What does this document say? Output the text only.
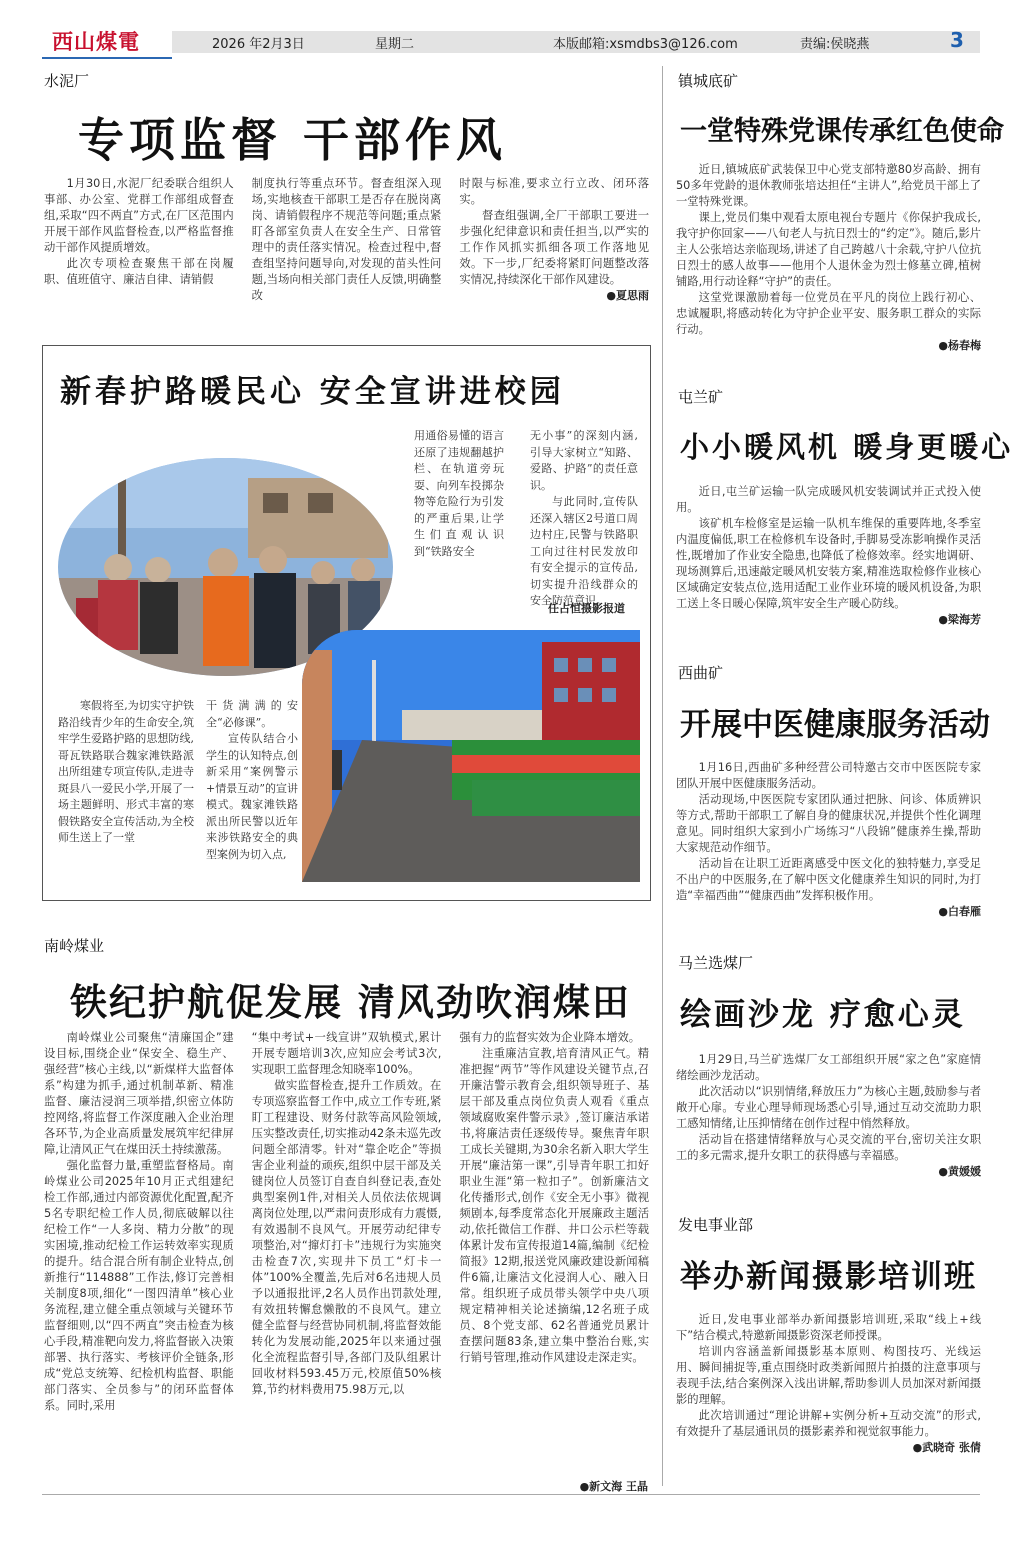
西山煤電	2026 年2月3日	星期二	本版邮箱:xsmdbs3@126.com	责编:侯晓燕	3
水泥厂
专项监督 干部作风

1月30日,水泥厂纪委联合组织人事部、办公室、党群工作部组成督查组,采取“四不两直”方式,在厂区范围内开展干部作风监督检查,以严格监督推动干部作风提质增效。

此次专项检查聚焦干部在岗履职、值班值守、廉洁自律、请销假

制度执行等重点环节。督查组深入现场,实地核查干部职工是否存在脱岗离岗、请销假程序不规范等问题;重点紧盯各部室负责人在安全生产、日常管理中的责任落实情况。检查过程中,督查组坚持问题导向,对发现的苗头性问题,当场向相关部门责任人反馈,明确整改

时限与标准,要求立行立改、闭环落实。

督查组强调,全厂干部职工要进一步强化纪律意识和责任担当,以严实的工作作风抓实抓细各项工作落地见效。下一步,厂纪委将紧盯问题整改落实情况,持续深化干部作风建设。

●夏思雨
新春护路暖民心 安全宣讲进校园

用通俗易懂的语言还原了违规翻越护栏、在轨道旁玩耍、向列车投掷杂物等危险行为引发的严重后果,让学生们直观认识到“铁路安全

无小事”的深刻内涵,引导大家树立“知路、爱路、护路”的责任意识。

与此同时,宣传队还深入辖区2号道口周边村庄,民警与铁路职工向过往村民发放印有安全提示的宣传品,切实提升沿线群众的安全防范意识。

任占恒摄影报道

寒假将至,为切实守护铁路沿线青少年的生命安全,筑牢学生爱路护路的思想防线,哥瓦铁路联合魏家滩铁路派出所组建专项宣传队,走进寺斑县八一爱民小学,开展了一场主题鲜明、形式丰富的寒假铁路安全宣传活动,为全校师生送上了一堂

干货满满的安全“必修课”。

宣传队结合小学生的认知特点,创新采用“案例警示+情景互动”的宣讲模式。魏家滩铁路派出所民警以近年来涉铁路安全的典型案例为切入点,

南岭煤业
铁纪护航促发展 清风劲吹润煤田

南岭煤业公司聚焦“清廉国企”建设目标,围绕企业“保安全、稳生产、强经营”核心主线,以“新煤样大监督体系”构建为抓手,通过机制革新、精准监督、廉洁浸润三项举措,织密立体防控网络,将监督工作深度融入企业治理各环节,为企业高质量发展筑牢纪律屏障,让清风正气在煤田沃土持续激荡。

强化监督力量,重塑监督格局。南岭煤业公司2025年10月正式组建纪检工作部,通过内部资源优化配置,配齐5名专职纪检工作人员,彻底破解以往纪检工作“一人多岗、精力分散”的现实困境,推动纪检工作运转效率实现质的提升。结合混合所有制企业特点,创新推行“114888”工作法,修订完善相关制度8项,细化“一图四清单”核心业务流程,建立健全重点领域与关键环节监督细则,以“四不两直”突击检查为核心手段,精准靶向发力,将监督嵌入决策部署、执行落实、考核评价全链条,形成“党总支统筹、纪检机构监督、职能部门落实、全员参与”的闭环监督体系。同时,采用

“集中考试+一线宣讲”双轨模式,累计开展专题培训3次,应知应会考试3次,实现职工监督理念知晓率100%。

做实监督检查,提升工作质效。在专项巡察监督工作中,成立工作专班,紧盯工程建设、财务付款等高风险领域,压实整改责任,切实推动42条未巡先改问题全部清零。针对“靠企吃企”等损害企业利益的顽疾,组织中层干部及关键岗位人员签订自查自纠登记表,查处典型案例1件,对相关人员依法依规调离岗位处理,以严肃问责形成有力震慑,有效遏制不良风气。开展劳动纪律专项整治,对“撺灯打卡”违规行为实施突击检查7次,实现井下员工“灯卡一体”100%全覆盖,先后对6名违规人员予以通报批评,2名人员作出罚款处理,有效扭转懈怠懒散的不良风气。建立健全监督与经营协同机制,将监督效能转化为发展动能,2025年以来通过强化全流程监督引导,各部门及队组累计回收材料593.45万元,校原值50%核算,节约材料费用75.98万元,以

强有力的监督实效为企业降本增效。

注重廉洁宣教,培育清风正气。精准把握“两节”等作风建设关键节点,召开廉洁警示教育会,组织领导班子、基层干部及重点岗位负责人观看《重点领域腐败案件警示录》,签订廉洁承诺书,将廉洁责任逐级传导。聚焦青年职工成长关键期,为30余名新入职大学生开展“廉洁第一课”,引导青年职工扣好职业生涯“第一粒扣子”。创新廉洁文化传播形式,创作《安全无小事》微视频剧本,每季度常态化开展廉政主题活动,依托微信工作群、井口公示栏等载体累计发布宣传报道14篇,编制《纪检简报》12期,报送党风廉政建设新闻稿件6篇,让廉洁文化浸润人心、融入日常。组织班子成员带头领学中央八项规定精神相关论述摘编,12名班子成员、8个党支部、62名普通党员累计查摆问题83条,建立集中整治台账,实行销号管理,推动作风建设走深走实。

●新文海 王晶
镇城底矿
一堂特殊党课传承红色使命

近日,镇城底矿武装保卫中心党支部特邀80岁高龄、拥有50多年党龄的退休教师张培达担任“主讲人”,给党员干部上了一堂特殊党课。

课上,党员们集中观看太原电视台专题片《你保护我成长,我守护你回家——八旬老人与抗日烈士的“约定”》。随后,影片主人公张培达亲临现场,讲述了自己跨越八十余载,守护八位抗日烈士的感人故事——他用个人退休金为烈士修墓立碑,植树铺路,用行动诠释“守护”的责任。

这堂党课激励着每一位党员在平凡的岗位上践行初心、忠诚履职,将感动转化为守护企业平安、服务职工群众的实际行动。

●杨春梅
屯兰矿
小小暖风机 暖身更暖心

近日,屯兰矿运输一队完成暖风机安装调试并正式投入使用。

该矿机车检修室是运输一队机车维保的重要阵地,冬季室内温度偏低,职工在检修机车设备时,手脚易受冻影响操作灵活性,既增加了作业安全隐患,也降低了检修效率。经实地调研、现场测算后,迅速敲定暖风机安装方案,精准选取检修作业核心区域确定安装点位,选用适配工业作业环境的暖风机设备,为职工送上冬日暖心保障,筑牢安全生产暖心防线。

●梁海芳
西曲矿
开展中医健康服务活动

1月16日,西曲矿多种经营公司特邀古交市中医医院专家团队开展中医健康服务活动。

活动现场,中医医院专家团队通过把脉、问诊、体质辨识等方式,帮助干部职工了解自身的健康状况,并提供个性化调理意见。同时组织大家到小广场练习“八段锦”健康养生操,帮助大家规范动作细节。

活动旨在让职工近距离感受中医文化的独特魅力,享受足不出户的中医服务,在了解中医文化健康养生知识的同时,为打造“幸福西曲”“健康西曲”发挥积极作用。

●白春雁
马兰选煤厂
绘画沙龙 疗愈心灵

1月29日,马兰矿选煤厂女工部组织开展“家之色”家庭情绪绘画沙龙活动。

此次活动以“识别情绪,释放压力”为核心主题,鼓励参与者敞开心扉。专业心理导师现场悉心引导,通过互动交流助力职工感知情绪,让压抑情绪在创作过程中悄然释放。

活动旨在搭建情绪释放与心灵交流的平台,密切关注女职工的多元需求,提升女职工的获得感与幸福感。

●黄媛媛
发电事业部
举办新闻摄影培训班

近日,发电事业部举办新闻摄影培训班,采取“线上+线下”结合模式,特邀新闻摄影资深老师授课。

培训内容涵盖新闻摄影基本原则、构图技巧、光线运用、瞬间捕捉等,重点围绕时政类新闻照片拍摄的注意事项与表现手法,结合案例深入浅出讲解,帮助参训人员加深对新闻摄影的理解。

此次培训通过“理论讲解+实例分析+互动交流”的形式,有效提升了基层通讯员的摄影素养和视觉叙事能力。

●武晓奇 张倩
